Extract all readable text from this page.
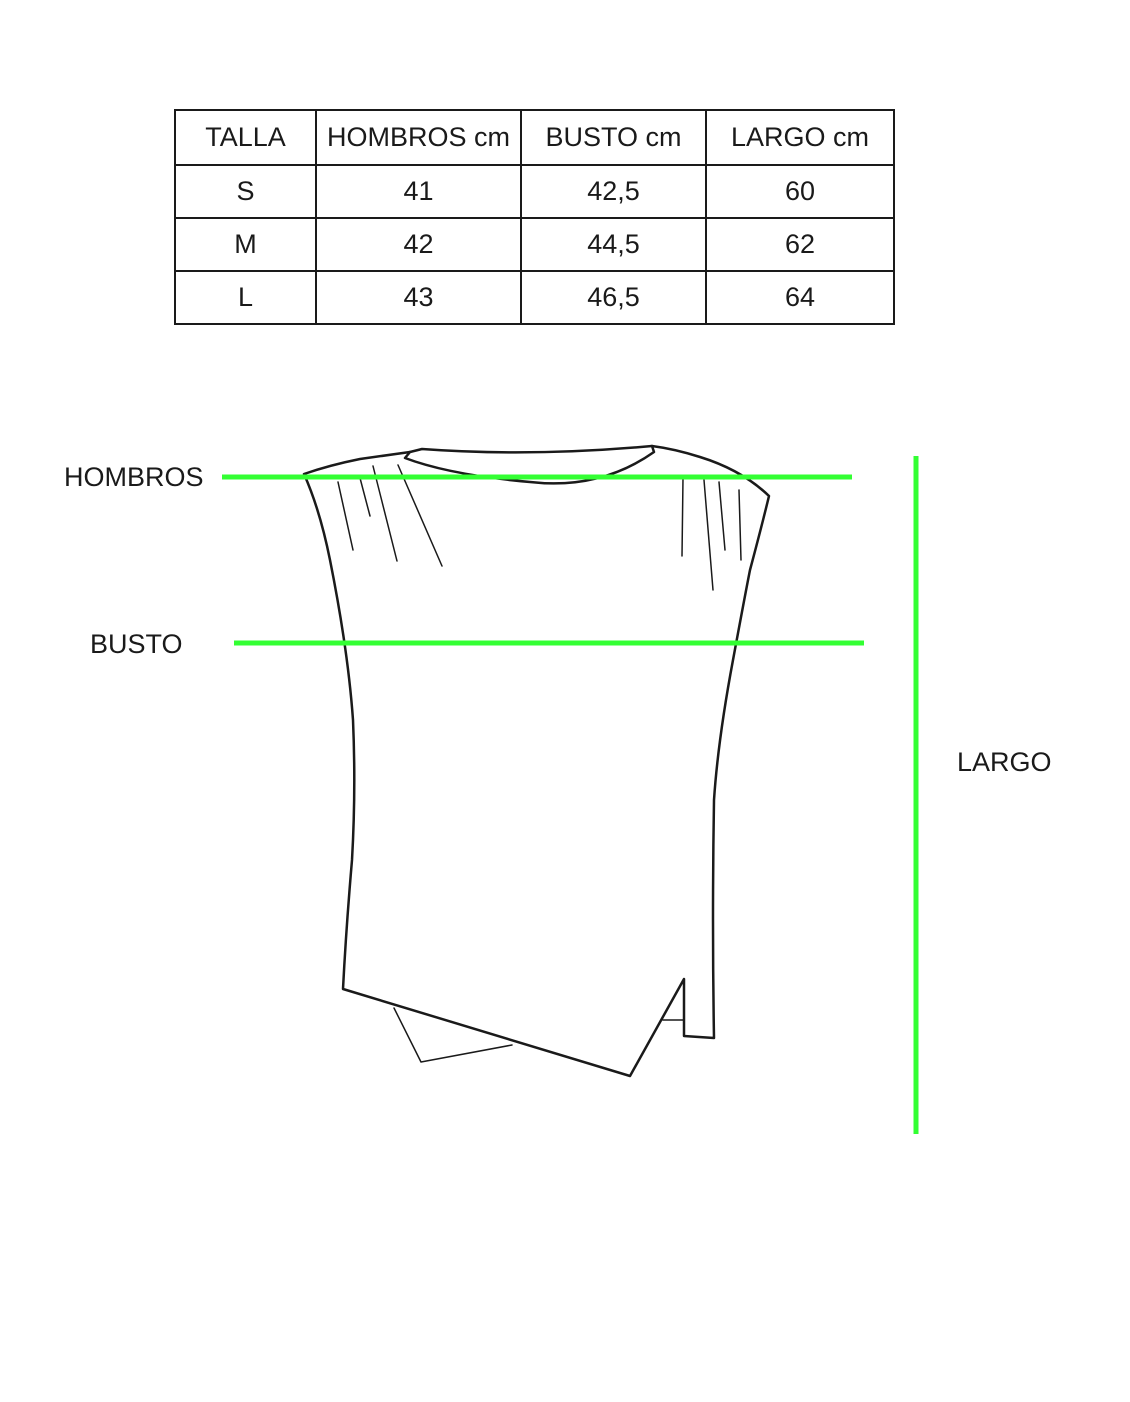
TALLA	HOMBROS cm	BUSTO cm	LARGO cm
S	41	42,5	60
M	42	44,5	62
L	43	46,5	64
HOMBROS
BUSTO
LARGO
